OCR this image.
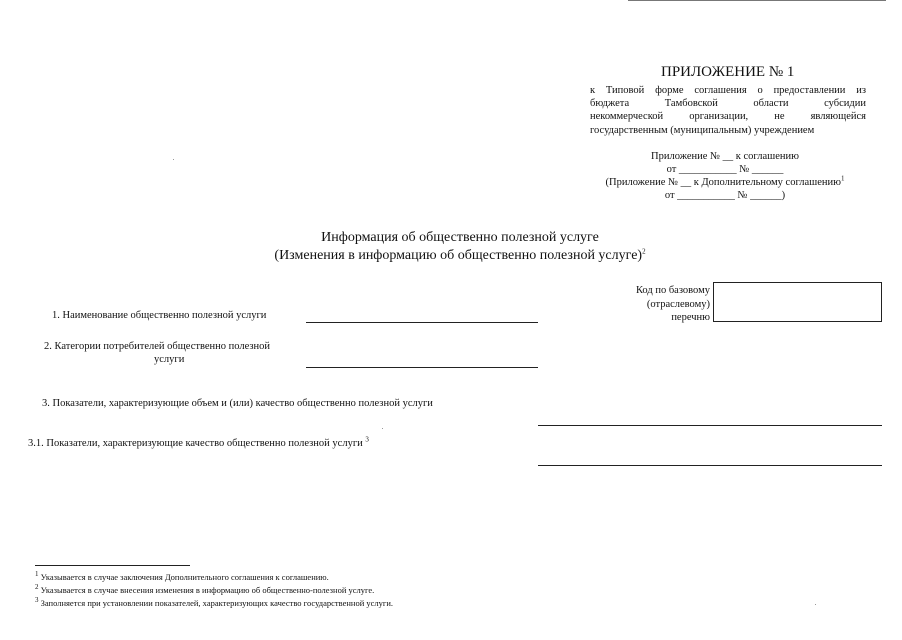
ПРИЛОЖЕНИЕ № 1
к Типовой форме соглашения о предоставлении из
бюджета Тамбовской области субсидии
некоммерческой организации, не являющейся
государственным (муниципальным) учреждением
Приложение № __ к соглашению
от ___________ № ______
(Приложение № __ к Дополнительному соглашению$^1$
от ___________ № ______)
Информация об общественно полезной услуге
(Изменения в информацию об общественно полезной услуге)$^2$
Код по базовому
(отраслевому)
перечню
1. Наименование общественно полезной услуги
2. Категории потребителей общественно полезной
услуги
3. Показатели, характеризующие объем и (или) качество общественно полезной услуги
3.1. Показатели, характеризующие качество общественно полезной услуги $^3$
$^1$ Указывается в случае заключения Дополнительного соглашения к соглашению.
$^2$ Указывается в случае внесения изменения в информацию об общественно-полезной услуге.
$^3$ Заполняется при установлении показателей, характеризующих качество государственной услуги.
